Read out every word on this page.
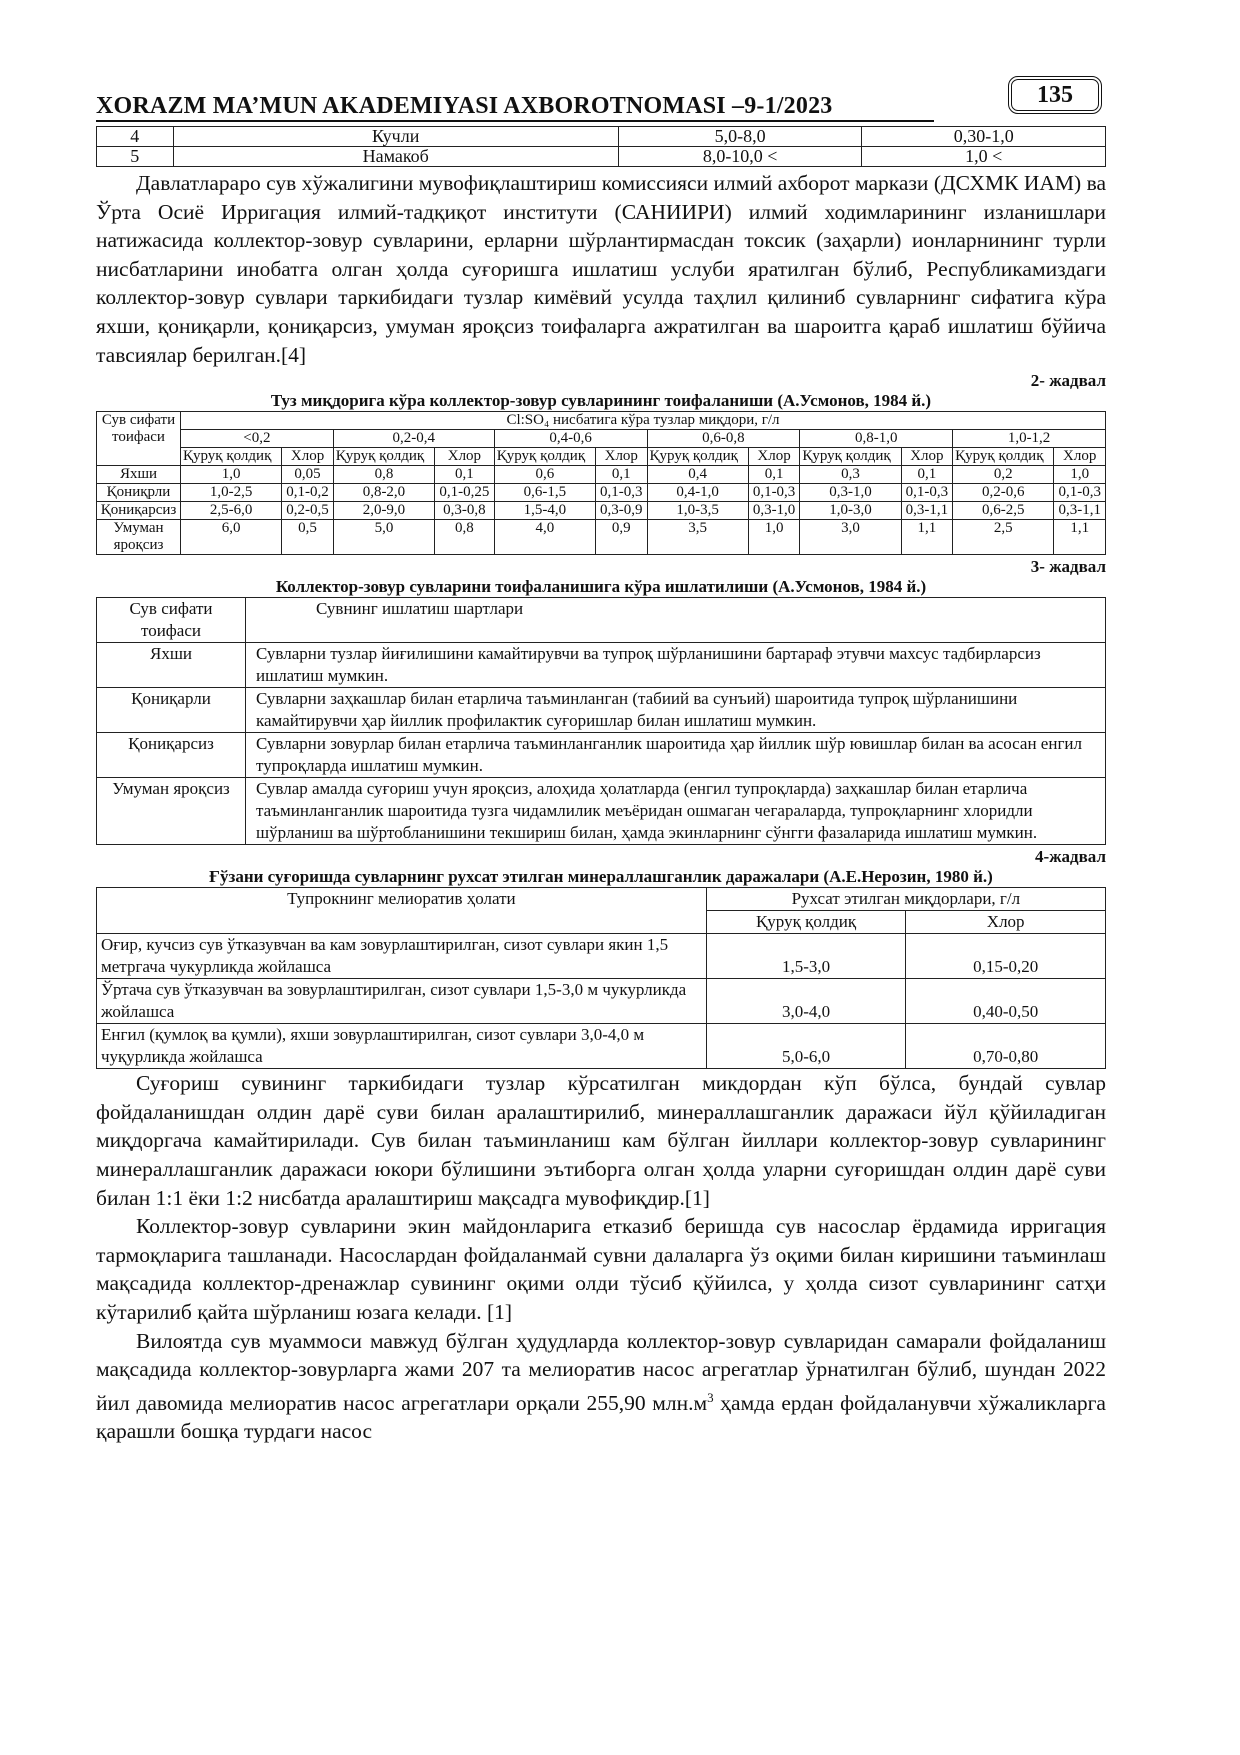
XORAZM MA’MUN AKADEMIYASI AXBOROTNOMASI –9-1/2023	135
4	Кучли	5,0-8,0	0,30-1,0
5	Намакоб	8,0-10,0 <	1,0 <

Давлатлараро сув хўжалигини мувофиқлаштириш комиссияси илмий ахборот маркази (ДСХМК ИАМ) ва Ўрта Осиё Ирригация илмий-тадқиқот институти (САНИИРИ) илмий ходимларининг изланишлари натижасида коллектор-зовур сувларини, ерларни шўрлантирмасдан токсик (заҳарли) ионларнининг турли нисбатларини инобатга олган ҳолда суғоришга ишлатиш услуби яратилган бўлиб, Республикамиздаги коллектор-зовур сувлари таркибидаги тузлар кимёвий усулда таҳлил қилиниб сувларнинг сифатига кўра яхши, қониқарли, қониқарсиз, умуман яроқсиз тоифаларга ажратилган ва шароитга қараб ишлатиш бўйича тавсиялар берилган.[4]

2- жадвал

Туз миқдорига кўра коллектор-зовур сувларининг тоифаланиши (А.Усмонов, 1984 й.)

Сув сифати тоифаси	Cl:SO₄ нисбатига кўра тузлар миқдори, г/л											
	<0,2		0,2-0,4		0,4-0,6		0,6-0,8		0,8-1,0		1,0-1,2	
	Қуруқ қолдиқ	Хлор	Қуруқ қолдиқ	Хлор	Қуруқ қолдиқ	Хлор	Қуруқ қолдиқ	Хлор	Қуруқ қолдиқ	Хлор	Қуруқ қолдиқ	Хлор
Яхши	1,0	0,05	0,8	0,1	0,6	0,1	0,4	0,1	0,3	0,1	0,2	1,0
Қониқрли	1,0-2,5	0,1-0,2	0,8-2,0	0,1-0,25	0,6-1,5	0,1-0,3	0,4-1,0	0,1-0,3	0,3-1,0	0,1-0,3	0,2-0,6	0,1-0,3
Қониқарсиз	2,5-6,0	0,2-0,5	2,0-9,0	0,3-0,8	1,5-4,0	0,3-0,9	1,0-3,5	0,3-1,0	1,0-3,0	0,3-1,1	0,6-2,5	0,3-1,1
Умуман яроқсиз	6,0	0,5	5,0	0,8	4,0	0,9	3,5	1,0	3,0	1,1	2,5	1,1

3- жадвал

Коллектор-зовур сувларини тоифаланишига кўра ишлатилиши (А.Усмонов, 1984 й.)

Сув сифати тоифаси	Сувнинг ишлатиш шартлари
Яхши	Сувларни тузлар йиғилишини камайтирувчи ва тупроқ шўрланишини бартараф этувчи махсус тадбирларсиз ишлатиш мумкин.
Қониқарли	Сувларни заҳкашлар билан етарлича таъминланган (табиий ва сунъий) шароитида тупроқ шўрланишини камайтирувчи ҳар йиллик профилактик суғоришлар билан ишлатиш мумкин.
Қониқарсиз	Сувларни зовурлар билан етарлича таъминланганлик шароитида ҳар йиллик шўр ювишлар билан ва асосан енгил тупроқларда ишлатиш мумкин.
Умуман яроқсиз	Сувлар амалда суғориш учун яроқсиз, алоҳида ҳолатларда (енгил тупроқларда) заҳкашлар билан етарлича таъминланганлик шароитида тузга чидамлилик меъёридан ошмаган чегараларда, тупроқларнинг хлоридли шўрланиш ва шўртобланишини текшириш билан, ҳамда экинларнинг сўнгги фазаларида ишлатиш мумкин.

4-жадвал

Ғўзани суғоришда сувларнинг рухсат этилган минераллашганлик даражалари (А.Е.Нерозин, 1980 й.)

Тупрокнинг мелиоратив ҳолати	Рухсат этилган миқдорлари, г/л	
	Қуруқ қолдиқ	Хлор
Оғир, кучсиз сув ўтказувчан ва кам зовурлаштирилган, сизот сувлари якин 1,5 метргача чукурликда жойлашса	1,5-3,0	0,15-0,20
Ўртача сув ўтказувчан ва зовурлаштирилган, сизот сувлари 1,5-3,0 м чукурликда жойлашса	3,0-4,0	0,40-0,50
Енгил (қумлоқ ва қумли), яхши зовурлаштирилган, сизот сувлари 3,0-4,0 м чуқурликда жойлашса	5,0-6,0	0,70-0,80

Суғориш сувининг таркибидаги тузлар кўрсатилган микдордан кўп бўлса, бундай сувлар фойдаланишдан олдин дарё суви билан аралаштирилиб, минераллашганлик даражаси йўл қўйиладиган миқдоргача камайтирилади. Сув билан таъминланиш кам бўлган йиллари коллектор-зовур сувларининг минераллашганлик даражаси юкори бўлишини эътиборга олган ҳолда уларни суғоришдан олдин дарё суви билан 1:1 ёки 1:2 нисбатда аралаштириш мақсадга мувофиқдир.[1]

Коллектор-зовур сувларини экин майдонларига етказиб беришда сув насослар ёрдамида ирригация тармоқларига ташланади. Насослардан фойдаланмай сувни далаларга ўз оқими билан киришини таъминлаш мақсадида коллектор-дренажлар сувининг оқими олди тўсиб қўйилса, у ҳолда сизот сувларининг сатҳи кўтарилиб қайта шўрланиш юзага келади. [1]

Вилоятда сув муаммоси мавжуд бўлган ҳудудларда коллектор-зовур сувларидан самарали фойдаланиш мақсадида коллектор-зовурларга жами 207 та мелиоратив насос агрегатлар ўрнатилган бўлиб, шундан 2022 йил давомида мелиоратив насос агрегатлари орқали 255,90 $млн.м^3$ ҳамда ердан фойдаланувчи хўжаликларга қарашли бошқа турдаги насос
